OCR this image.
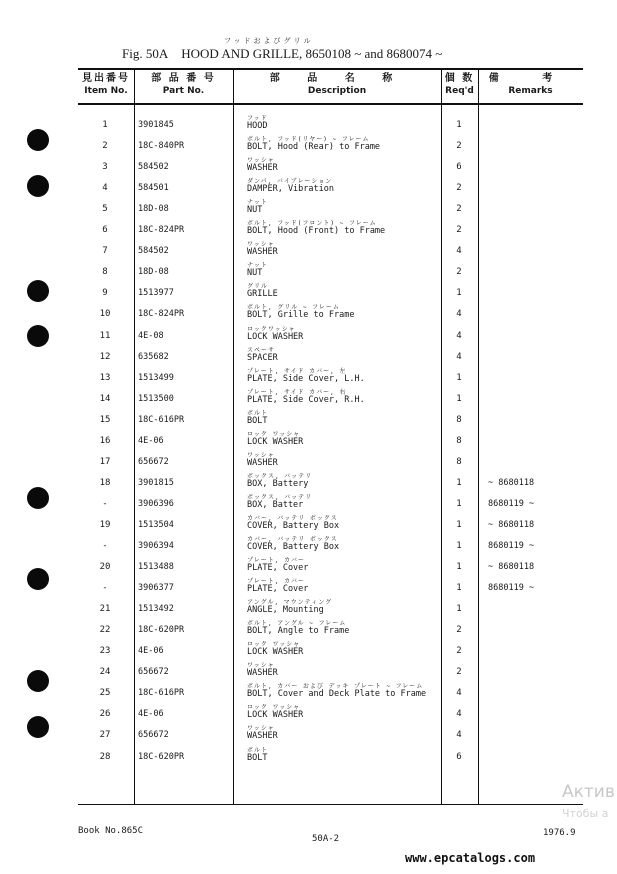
フッドおよびグリル
Fig. 50A HOOD AND GRILLE, 8650108 ~ and 8680074 ~
見出番号
Item No.
部 品 番 号
Part No.
部 品 名 称
Description
個 数
Req'd
備 考
Remarks
1	3901845
フッド
HOOD	1
2	18C-840PR
ボルト, フッド(リヤー) ~ フレーム
BOLT, Hood (Rear) to Frame	2
3	584502
ワッシャ
WASHER	6
4	584501
ダンパ, バイブレーション
DAMPER, Vibration	2
5	18D-08
ナット
NUT	2
6	18C-824PR
ボルト, フッド(フロント) ~ フレーム
BOLT, Hood (Front) to Frame	2
7	584502
ワッシャ
WASHER	4
8	18D-08
ナット
NUT	2
9	1513977
グリル
GRILLE	1
10	18C-824PR
ボルト, グリル ~ フレーム
BOLT, Grille to Frame	4
11	4E-08
ロックワッシャ
LOCK WASHER	4
12	635682
スペーサ
SPACER	4
13	1513499
プレート, サイド カバー, 左
PLATE, Side Cover, L.H.	1
14	1513500
プレート, サイド カバー, 右
PLATE, Side Cover, R.H.	1
15	18C-616PR
ボルト
BOLT	8
16	4E-06
ロック ワッシャ
LOCK WASHER	8
17	656672
ワッシャ
WASHER	8
18	3901815
ボックス, バッテリ
BOX, Battery	1	~ 8680118
-	3906396
ボックス, バッテリ
BOX, Batter	1	8680119 ~
19	1513504
カバー, バッテリ ボックス
COVER, Battery Box	1	~ 8680118
-	3906394
カバー, バッテリ ボックス
COVER, Battery Box	1	8680119 ~
20	1513488
プレート, カバー
PLATE, Cover	1	~ 8680118
-	3906377
プレート, カバー
PLATE, Cover	1	8680119 ~
21	1513492
アングル, マウンティング
ANGLE, Mounting	1
22	18C-620PR
ボルト, アングル ~ フレーム
BOLT, Angle to Frame	2
23	4E-06
ロック ワッシャ
LOCK WASHER	2
24	656672
ワッシャ
WASHER	2
25	18C-616PR
ボルト, カバー および デッキ プレート ~ フレーム
BOLT, Cover and Deck Plate to Frame	4
26	4E-06
ロック ワッシャ
LOCK WASHER	4
27	656672
ワッシャ
WASHER	4
28	18C-620PR
ボルト
BOLT	6
Book No.865C
50A-2
1976.9
www.epcatalogs.com
Актив
Чтобы а
